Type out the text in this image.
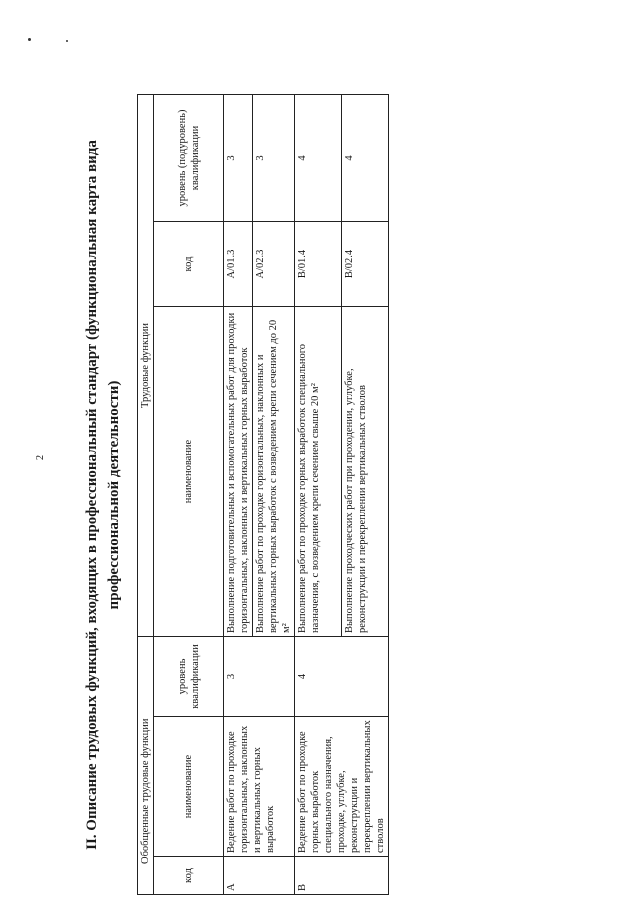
2	II. Описание трудовых функций, входящих в профессиональный стандарт (функциональная карта вида профессиональной деятельности)
Обобщенные трудовые функции			Трудовые функции		
код	наименование	уровень квалификации	наименование	код	уровень (подуровень) квалификации
А	Ведение работ по проходке горизонтальных, наклонных и вертикальных горных выработок	3	Выполнение подготовительных и вспомогательных работ для проходки горизонтальных, наклонных и вертикальных горных выработок	А/01.3	3
			Выполнение работ по проходке горизонтальных, наклонных и вертикальных горных выработок с возведением крепи сечением до 20 м²	А/02.3	3
В	Ведение работ по проходке горных выработок специального назначения, проходке, углубке, реконструкции и перекреплении вертикальных стволов	4	Выполнение работ по проходке горных выработок специального назначения, с возведением крепи сечением свыше 20 м²	В/01.4	4
			Выполнение проходческих работ при проходении, углубке, реконструкции и перекреплении вертикальных стволов	В/02.4	4
